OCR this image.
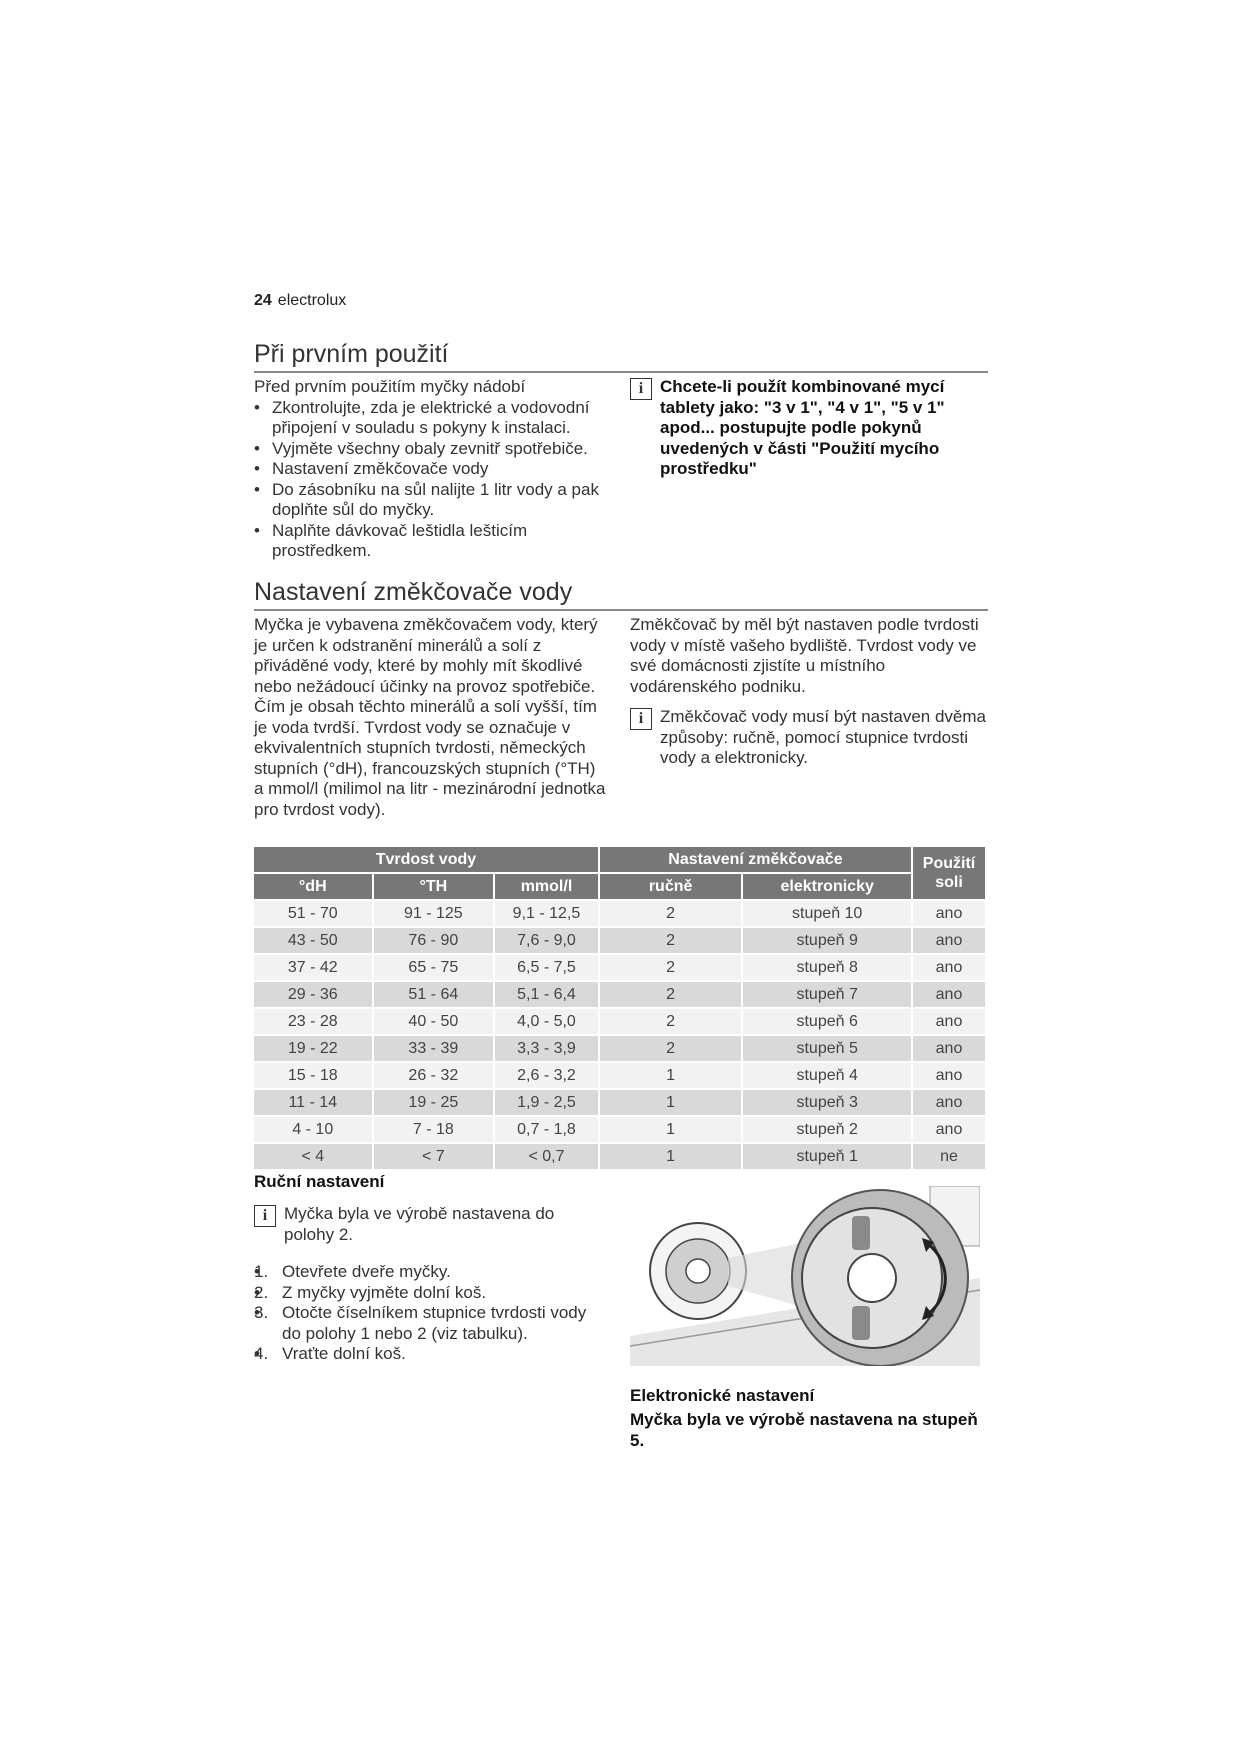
24 electrolux
Při prvním použití
Před prvním použitím myčky nádobí
• Zkontrolujte, zda je elektrické a vodovodní připojení v souladu s pokyny k instalaci.
• Vyjměte všechny obaly zevnitř spotřebiče.
• Nastavení změkčovače vody
• Do zásobníku na sůl nalijte 1 litr vody a pak doplňte sůl do myčky.
• Naplňte dávkovač leštidla lešticím prostředkem.
i Chcete-li použít kombinované mycí tablety jako: "3 v 1", "4 v 1", "5 v 1" apod... postupujte podle pokynů uvedených v části "Použití mycího prostředku"
Nastavení změkčovače vody
Myčka je vybavena změkčovačem vody, který je určen k odstranění minerálů a solí z přiváděné vody, které by mohly mít škodlivé nebo nežádoucí účinky na provoz spotřebiče.
Čím je obsah těchto minerálů a solí vyšší, tím je voda tvrdší. Tvrdost vody se označuje v ekvivalentních stupních tvrdosti, německých stupních (°dH), francouzských stupních (°TH) a mmol/l (milimol na litr - mezinárodní jednotka pro tvrdost vody).
Změkčovač by měl být nastaven podle tvrdosti vody v místě vašeho bydliště. Tvrdost vody ve své domácnosti zjistíte u místního vodárenského podniku.
i Změkčovač vody musí být nastaven dvěma způsoby: ručně, pomocí stupnice tvrdosti vody a elektronicky.
Tvrdost vody			Nastavení změkčovače		Použití soli
°dH	°TH	mmol/l	ručně	elektronicky	
51 - 70	91 - 125	9,1 - 12,5	2	stupeň 10	ano
43 - 50	76 - 90	7,6 - 9,0	2	stupeň 9	ano
37 - 42	65 - 75	6,5 - 7,5	2	stupeň 8	ano
29 - 36	51 - 64	5,1 - 6,4	2	stupeň 7	ano
23 - 28	40 - 50	4,0 - 5,0	2	stupeň 6	ano
19 - 22	33 - 39	3,3 - 3,9	2	stupeň 5	ano
15 - 18	26 - 32	2,6 - 3,2	1	stupeň 4	ano
11 - 14	19 - 25	1,9 - 2,5	1	stupeň 3	ano
4 - 10	7 - 18	0,7 - 1,8	1	stupeň 2	ano
< 4	< 7	< 0,7	1	stupeň 1	ne
Ruční nastavení
i Myčka byla ve výrobě nastavena do polohy 2.
• 1. Otevřete dveře myčky.
• 2. Z myčky vyjměte dolní koš.
• 3. Otočte číselníkem stupnice tvrdosti vody do polohy 1 nebo 2 (viz tabulku).
• 4. Vraťte dolní koš.
Elektronické nastavení
Myčka byla ve výrobě nastavena na stupeň 5.
